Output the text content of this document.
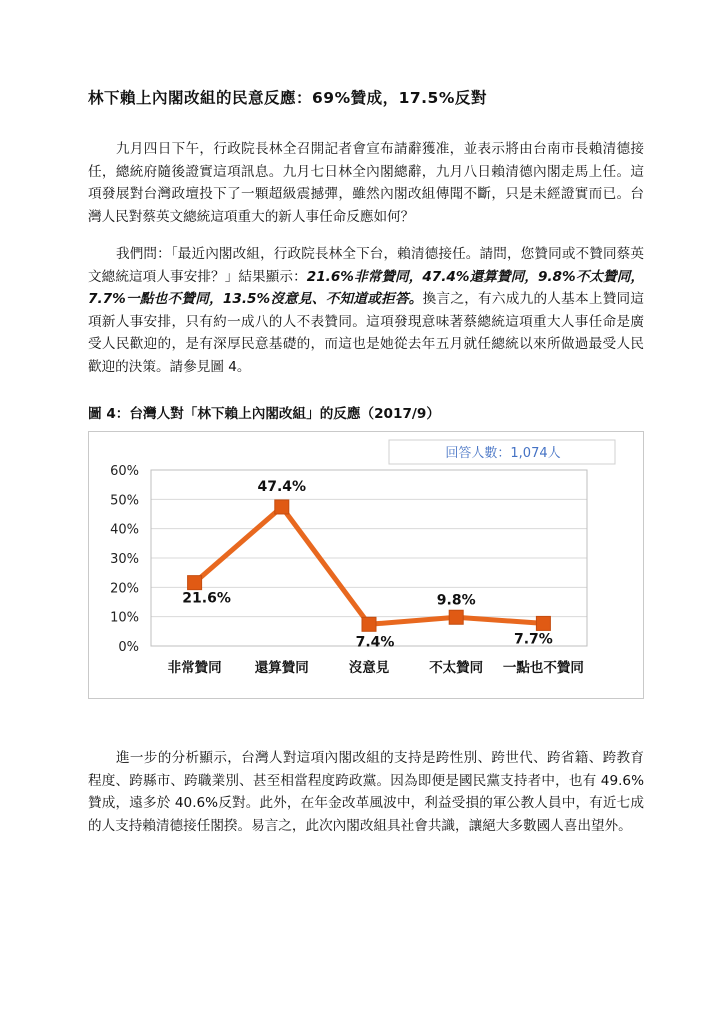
林下賴上內閣改組的民意反應：69%贊成，17.5%反對

九月四日下午，行政院長林全召開記者會宣布請辭獲准，並表示將由台南市長賴清德接任，總統府隨後證實這項訊息。九月七日林全內閣總辭，九月八日賴清德內閣走馬上任。這項發展對台灣政壇投下了一顆超級震撼彈，雖然內閣改組傳聞不斷，只是未經證實而已。台灣人民對蔡英文總統這項重大的新人事任命反應如何？

我們問：「最近內閣改組，行政院長林全下台，賴清德接任。請問，您贊同或不贊同蔡英文總統這項人事安排？」結果顯示：21.6%非常贊同，47.4%還算贊同，9.8%不太贊同，7.7%一點也不贊同，13.5%沒意見、不知道或拒答。換言之，有六成九的人基本上贊同這項新人事安排，只有約一成八的人不表贊同。這項發現意味著蔡總統這項重大人事任命是廣受人民歡迎的，是有深厚民意基礎的，而這也是她從去年五月就任總統以來所做過最受人民歡迎的決策。請參見圖 4。

圖 4：台灣人對「林下賴上內閣改組」的反應（2017/9）
回答人數：1,074人
0%
10%
20%
30%
40%
50%
60%
21.6%
47.4%
7.4%
9.8%
7.7%
非常贊同 還算贊同	沒意見	不太贊同 一點也不贊同

進一步的分析顯示，台灣人對這項內閣改組的支持是跨性別、跨世代、跨省籍、跨教育程度、跨縣市、跨職業別、甚至相當程度跨政黨。因為即便是國民黨支持者中，也有 49.6%贊成，遠多於 40.6%反對。此外，在年金改革風波中，利益受損的軍公教人員中，有近七成的人支持賴清德接任閣揆。易言之，此次內閣改組具社會共識，讓絕大多數國人喜出望外。
